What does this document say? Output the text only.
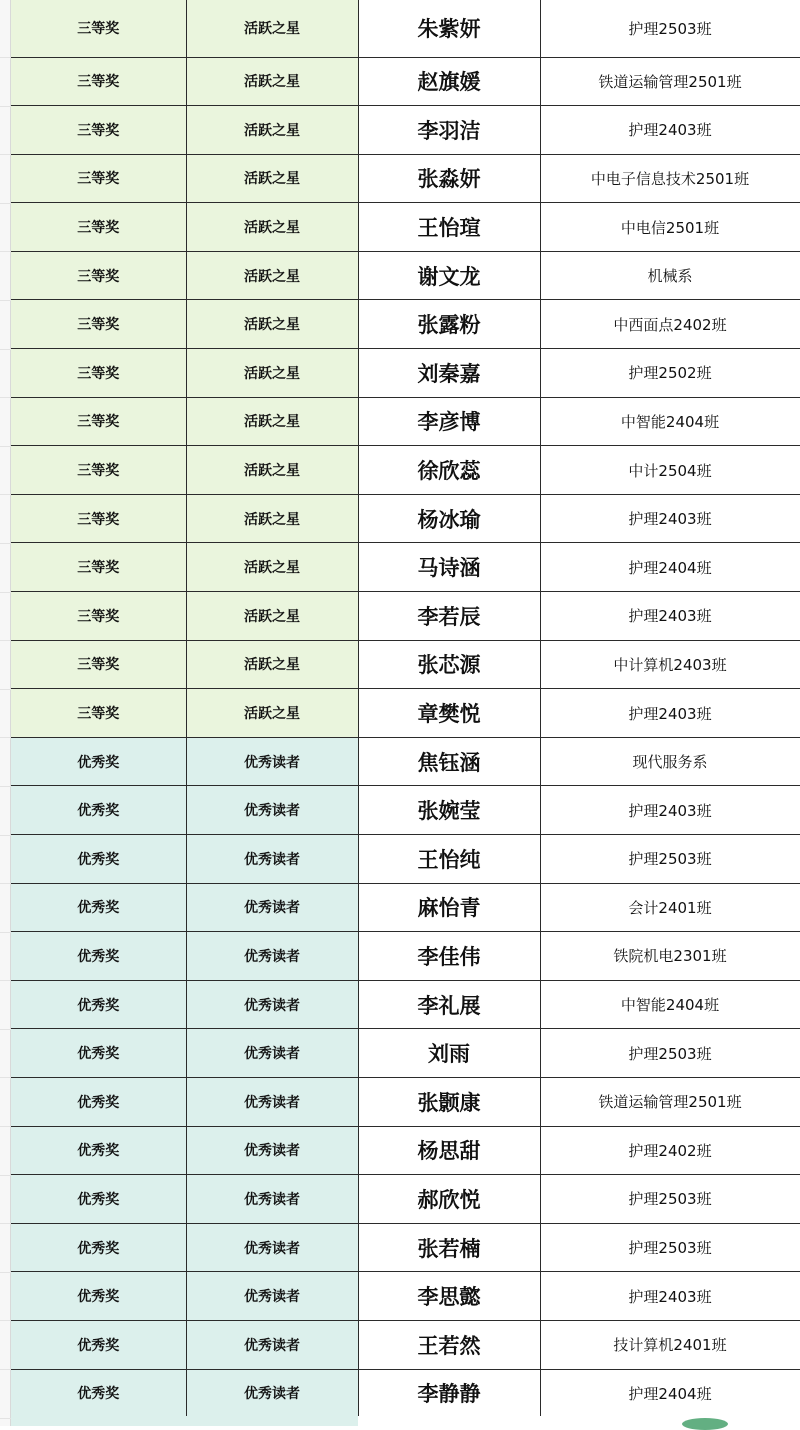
三等奖	活跃之星	朱紫妍	护理2503班
三等奖	活跃之星	赵旗媛	铁道运输管理2501班
三等奖	活跃之星	李羽洁	护理2403班
三等奖	活跃之星	张淼妍	中电子信息技术2501班
三等奖	活跃之星	王怡瑄	中电信2501班
三等奖	活跃之星	谢文龙	机械系
三等奖	活跃之星	张露粉	中西面点2402班
三等奖	活跃之星	刘秦嘉	护理2502班
三等奖	活跃之星	李彦博	中智能2404班
三等奖	活跃之星	徐欣蕊	中计2504班
三等奖	活跃之星	杨冰瑜	护理2403班
三等奖	活跃之星	马诗涵	护理2404班
三等奖	活跃之星	李若辰	护理2403班
三等奖	活跃之星	张芯源	中计算机2403班
三等奖	活跃之星	章樊悦	护理2403班
优秀奖	优秀读者	焦钰涵	现代服务系
优秀奖	优秀读者	张婉莹	护理2403班
优秀奖	优秀读者	王怡纯	护理2503班
优秀奖	优秀读者	麻怡青	会计2401班
优秀奖	优秀读者	李佳伟	铁院机电2301班
优秀奖	优秀读者	李礼展	中智能2404班
优秀奖	优秀读者	刘雨	护理2503班
优秀奖	优秀读者	张颢康	铁道运输管理2501班
优秀奖	优秀读者	杨思甜	护理2402班
优秀奖	优秀读者	郝欣悦	护理2503班
优秀奖	优秀读者	张若楠	护理2503班
优秀奖	优秀读者	李思懿	护理2403班
优秀奖	优秀读者	王若然	技计算机2401班
优秀奖	优秀读者	李静静	护理2404班
